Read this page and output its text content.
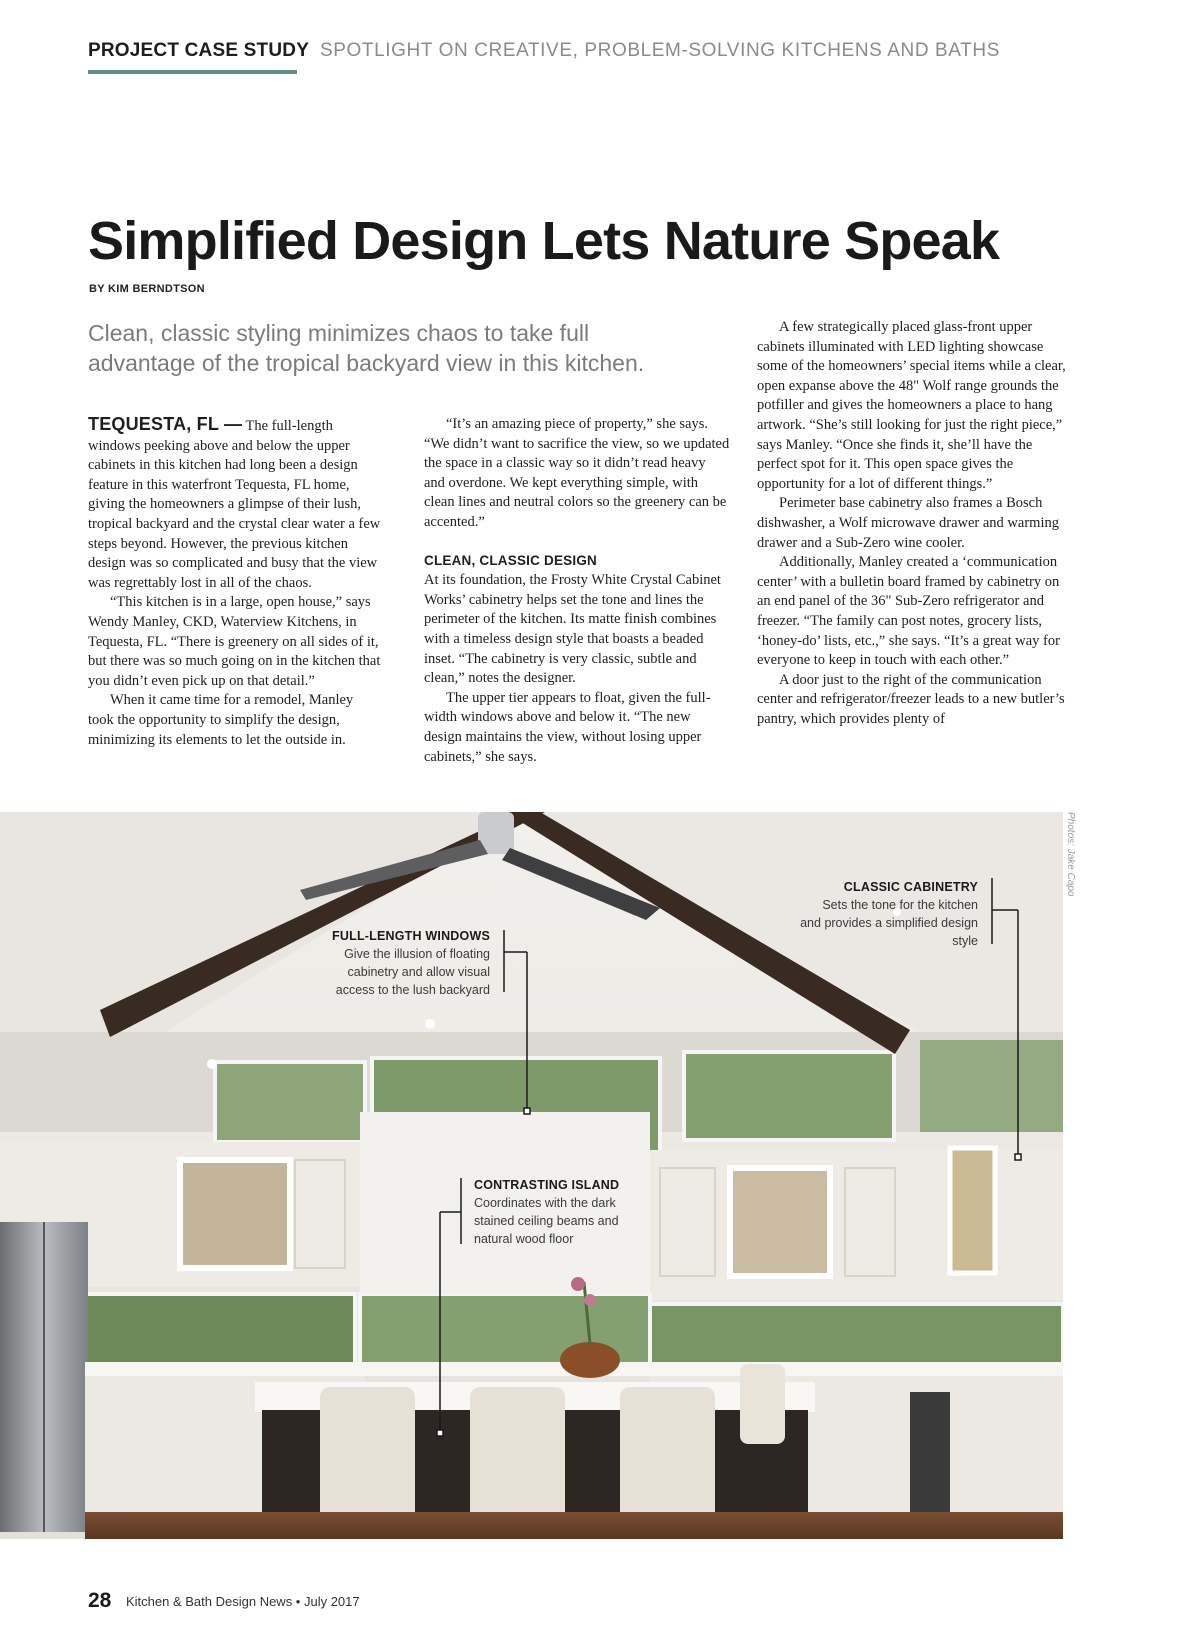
PROJECT CASE STUDY SPOTLIGHT ON CREATIVE, PROBLEM-SOLVING KITCHENS AND BATHS
Simplified Design Lets Nature Speak
BY KIM BERNDTSON
Clean, classic styling minimizes chaos to take full advantage of the tropical backyard view in this kitchen.

TEQUESTA, FL — The full-length windows peeking above and below the upper cabinets in this kitchen had long been a design feature in this waterfront Tequesta, FL home, giving the homeowners a glimpse of their lush, tropical backyard and the crystal clear water a few steps beyond. However, the previous kitchen design was so complicated and busy that the view was regrettably lost in all of the chaos.

“This kitchen is in a large, open house,” says Wendy Manley, CKD, Waterview Kitchens, in Tequesta, FL. “There is greenery on all sides of it, but there was so much going on in the kitchen that you didn’t even pick up on that detail.”

When it came time for a remodel, Manley took the opportunity to simplify the design, minimizing its elements to let the outside in.

“It’s an amazing piece of property,” she says. “We didn’t want to sacrifice the view, so we updated the space in a classic way so it didn’t read heavy and overdone. We kept everything simple, with clean lines and neutral colors so the greenery can be accented.”

CLEAN, CLASSIC DESIGN

At its foundation, the Frosty White Crystal Cabinet Works’ cabinetry helps set the tone and lines the perimeter of the kitchen. Its matte finish combines with a timeless design style that boasts a beaded inset. “The cabinetry is very classic, subtle and clean,” notes the designer.

The upper tier appears to float, given the full-width windows above and below it. “The new design maintains the view, without losing upper cabinets,” she says.

A few strategically placed glass-front upper cabinets illuminated with LED lighting showcase some of the homeowners’ special items while a clear, open expanse above the 48" Wolf range grounds the potfiller and gives the homeowners a place to hang artwork. “She’s still looking for just the right piece,” says Manley. “Once she finds it, she’ll have the perfect spot for it. This open space gives the opportunity for a lot of different things.”

Perimeter base cabinetry also frames a Bosch dishwasher, a Wolf microwave drawer and warming drawer and a Sub-Zero wine cooler.

Additionally, Manley created a ‘communication center’ with a bulletin board framed by cabinetry on an end panel of the 36" Sub-Zero refrigerator and freezer. “The family can post notes, grocery lists, ‘honey-do’ lists, etc.,” she says. “It’s a great way for everyone to keep in touch with each other.”

A door just to the right of the communication center and refrigerator/freezer leads to a new butler’s pantry, which provides plenty of

FULL-LENGTH WINDOWS
Give the illusion of floating cabinetry and allow visual access to the lush backyard
CLASSIC CABINETRY
Sets the tone for the kitchen and provides a simplified design style
CONTRASTING ISLAND
Coordinates with the dark stained ceiling beams and natural wood floor
Photos: Jake Capo
28 Kitchen & Bath Design News • July 2017
